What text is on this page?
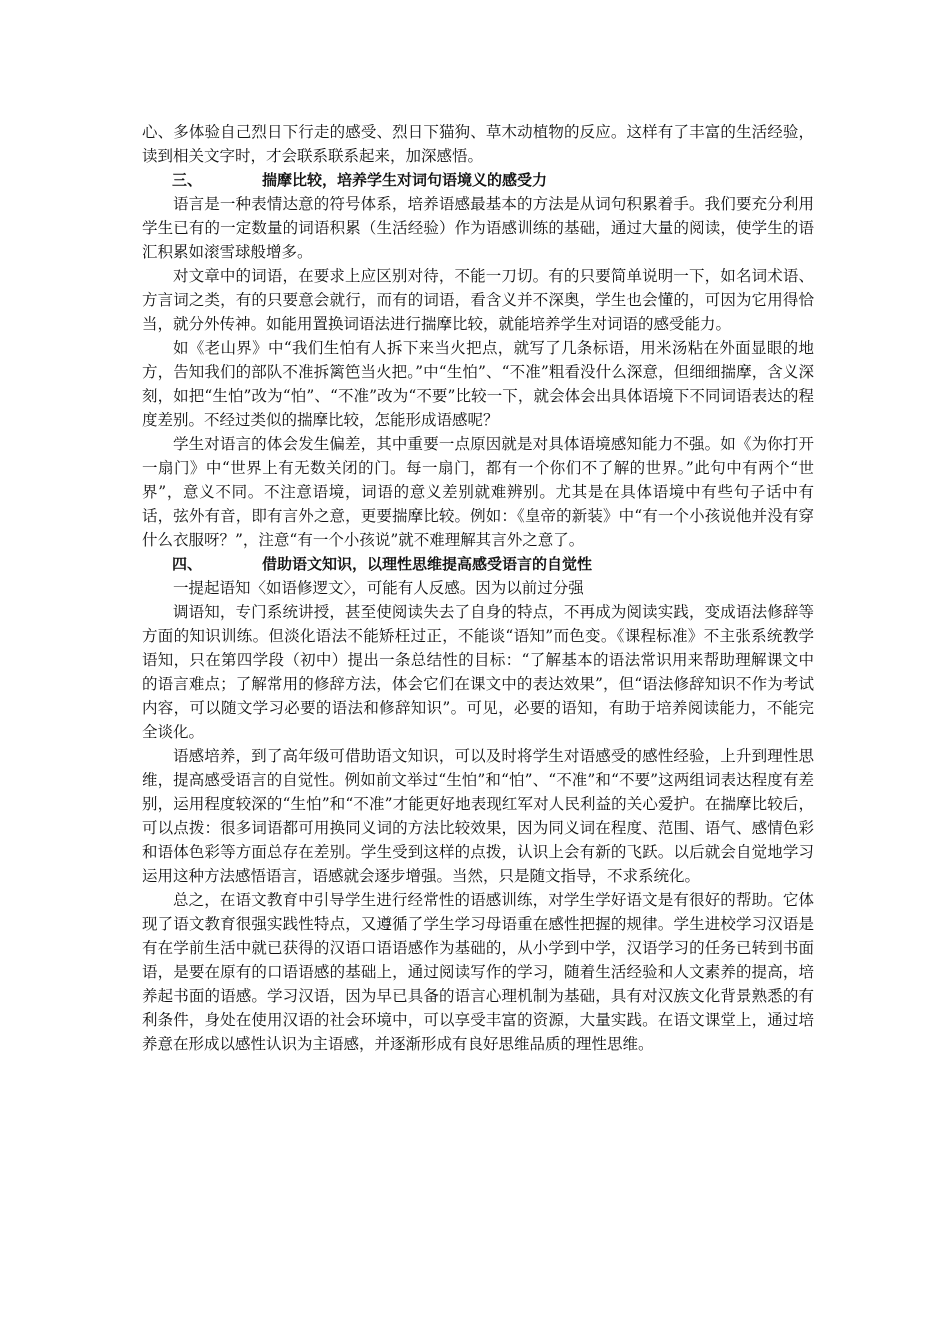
心、多体验自己烈日下行走的感受、烈日下猫狗、草木动植物的反应。这样有了丰富的生活经验，读到相关文字时，才会联系联系起来，加深感悟。

三、	揣摩比较，培养学生对词句语境义的感受力

语言是一种表情达意的符号体系，培养语感最基本的方法是从词句积累着手。我们要充分利用学生已有的一定数量的词语积累（生活经验）作为语感训练的基础，通过大量的阅读，使学生的语汇积累如滚雪球般增多。

对文章中的词语，在要求上应区别对待，不能一刀切。有的只要简单说明一下，如名词术语、方言词之类，有的只要意会就行，而有的词语，看含义并不深奥，学生也会懂的，可因为它用得恰当，就分外传神。如能用置换词语法进行揣摩比较，就能培养学生对词语的感受能力。

如《老山界》中“我们生怕有人拆下来当火把点，就写了几条标语，用米汤粘在外面显眼的地方，告知我们的部队不准拆篱笆当火把。”中“生怕”、“不准”粗看没什么深意，但细细揣摩，含义深刻，如把“生怕”改为“怕”、“不准”改为“不要”比较一下，就会体会出具体语境下不同词语表达的程度差别。不经过类似的揣摩比较，怎能形成语感呢？

学生对语言的体会发生偏差，其中重要一点原因就是对具体语境感知能力不强。如《为你打开一扇门》中“世界上有无数关闭的门。每一扇门，都有一个你们不了解的世界。”此句中有两个“世界”，意义不同。不注意语境，词语的意义差别就难辨别。尤其是在具体语境中有些句子话中有话，弦外有音，即有言外之意，更要揣摩比较。例如：《皇帝的新装》中“有一个小孩说他并没有穿什么衣服呀？”，注意“有一个小孩说”就不难理解其言外之意了。

四、	借助语文知识，以理性思维提高感受语言的自觉性

一提起语知〈如语修逻文〉，可能有人反感。因为以前过分强

调语知，专门系统讲授，甚至使阅读失去了自身的特点，不再成为阅读实践，变成语法修辞等方面的知识训练。但淡化语法不能矫枉过正，不能谈“语知”而色变。《课程标准》不主张系统教学语知，只在第四学段（初中）提出一条总结性的目标：“了解基本的语法常识用来帮助理解课文中的语言难点；了解常用的修辞方法，体会它们在课文中的表达效果”，但“语法修辞知识不作为考试内容，可以随文学习必要的语法和修辞知识”。可见，必要的语知，有助于培养阅读能力，不能完全谈化。

语感培养，到了高年级可借助语文知识，可以及时将学生对语感受的感性经验，上升到理性思维，提高感受语言的自觉性。例如前文举过“生怕”和“怕”、“不准”和“不要”这两组词表达程度有差别，运用程度较深的“生怕”和“不准”才能更好地表现红军对人民利益的关心爱护。在揣摩比较后，可以点拨：很多词语都可用换同义词的方法比较效果，因为同义词在程度、范围、语气、感情色彩和语体色彩等方面总存在差别。学生受到这样的点拨，认识上会有新的飞跃。以后就会自觉地学习运用这种方法感悟语言，语感就会逐步增强。当然，只是随文指导，不求系统化。

总之，在语文教育中引导学生进行经常性的语感训练，对学生学好语文是有很好的帮助。它体现了语文教育很强实践性特点，又遵循了学生学习母语重在感性把握的规律。学生进校学习汉语是有在学前生活中就已获得的汉语口语语感作为基础的，从小学到中学，汉语学习的任务已转到书面语，是要在原有的口语语感的基础上，通过阅读写作的学习，随着生活经验和人文素养的提高，培养起书面的语感。学习汉语，因为早已具备的语言心理机制为基础，具有对汉族文化背景熟悉的有利条件，身处在使用汉语的社会环境中，可以享受丰富的资源，大量实践。在语文课堂上，通过培养意在形成以感性认识为主语感，并逐渐形成有良好思维品质的理性思维。
